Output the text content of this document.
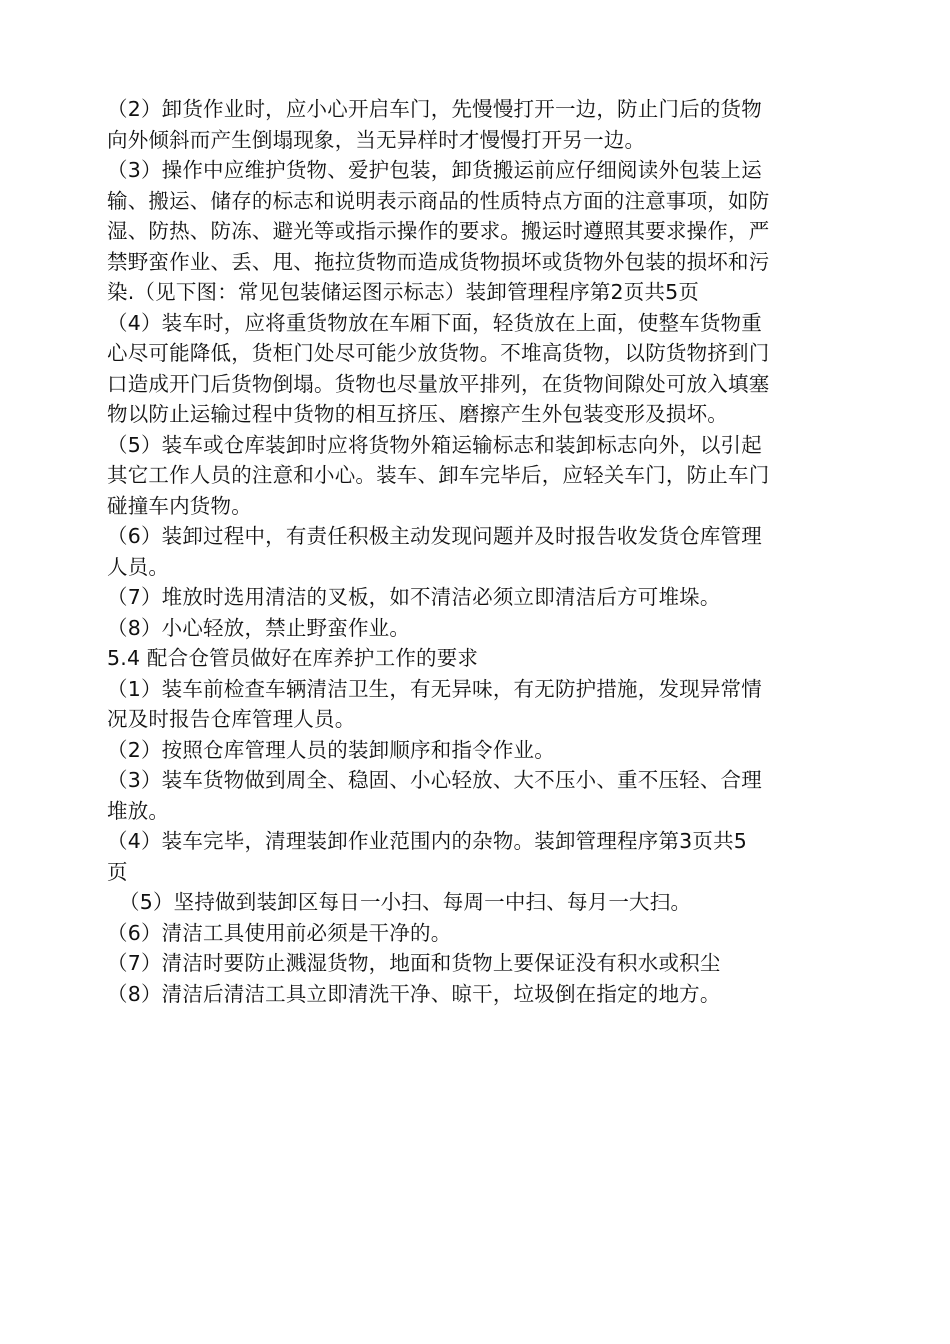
（2）卸货作业时，应小心开启车门，先慢慢打开一边，防止门后的货物
向外倾斜而产生倒塌现象，当无异样时才慢慢打开另一边。
（3）操作中应维护货物、爱护包装，卸货搬运前应仔细阅读外包装上运
输、搬运、储存的标志和说明表示商品的性质特点方面的注意事项，如防
湿、防热、防冻、避光等或指示操作的要求。搬运时遵照其要求操作，严
禁野蛮作业、丢、甩、拖拉货物而造成货物损坏或货物外包装的损坏和污
染.（见下图：常见包装储运图示标志）装卸管理程序第2页共5页
（4）装车时，应将重货物放在车厢下面，轻货放在上面，使整车货物重
心尽可能降低，货柜门处尽可能少放货物。不堆高货物，以防货物挤到门
口造成开门后货物倒塌。货物也尽量放平排列，在货物间隙处可放入填塞
物以防止运输过程中货物的相互挤压、磨擦产生外包装变形及损坏。
（5）装车或仓库装卸时应将货物外箱运输标志和装卸标志向外，以引起
其它工作人员的注意和小心。装车、卸车完毕后，应轻关车门，防止车门
碰撞车内货物。
（6）装卸过程中，有责任积极主动发现问题并及时报告收发货仓库管理
人员。
（7）堆放时选用清洁的叉板，如不清洁必须立即清洁后方可堆垛。
（8）小心轻放，禁止野蛮作业。
5.4 配合仓管员做好在库养护工作的要求
（1）装车前检查车辆清洁卫生，有无异味，有无防护措施，发现异常情
况及时报告仓库管理人员。
（2）按照仓库管理人员的装卸顺序和指令作业。
（3）装车货物做到周全、稳固、小心轻放、大不压小、重不压轻、合理
堆放。
（4）装车完毕，清理装卸作业范围内的杂物。装卸管理程序第3页共5
页
（5）坚持做到装卸区每日一小扫、每周一中扫、每月一大扫。
（6）清洁工具使用前必须是干净的。
（7）清洁时要防止溅湿货物，地面和货物上要保证没有积水或积尘
（8）清洁后清洁工具立即清洗干净、晾干，垃圾倒在指定的地方。
